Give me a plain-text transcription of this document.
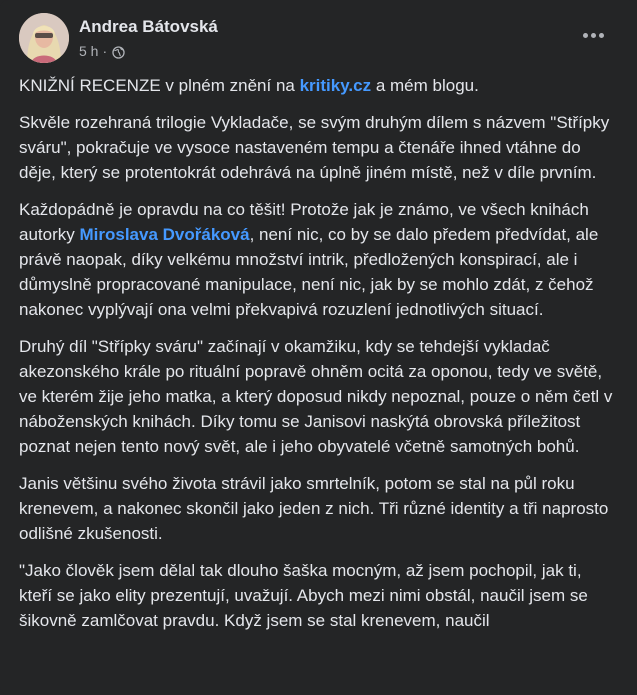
Andrea Bátovská
5 h ·

KNIŽNÍ RECENZE v plném znění na kritiky.cz a mém blogu.

Skvěle rozehraná trilogie Vykladače, se svým druhým dílem s názvem "Střípky sváru", pokračuje ve vysoce nastaveném tempu a čtenáře ihned vtáhne do děje, který se protentokrát odehrává na úplně jiném místě, než v díle prvním.

Každopádně je opravdu na co těšit! Protože jak je známo, ve všech knihách autorky Miroslava Dvořáková, není nic, co by se dalo předem předvídat, ale právě naopak, díky velkému množství intrik, předložených konspirací, ale i důmyslně propracované manipulace, není nic, jak by se mohlo zdát, z čehož nakonec vyplývají ona velmi překvapivá rozuzlení jednotlivých situací.

Druhý díl "Střípky sváru" začínají v okamžiku, kdy se tehdejší vykladač akezonského krále po rituální popravě ohněm ocitá za oponou, tedy ve světě, ve kterém žije jeho matka, a který doposud nikdy nepoznal, pouze o něm četl v náboženských knihách. Díky tomu se Janisovi naskýtá obrovská příležitost poznat nejen tento nový svět, ale i jeho obyvatelé včetně samotných bohů.

Janis většinu svého života strávil jako smrtelník, potom se stal na půl roku krenevem, a nakonec skončil jako jeden z nich. Tři různé identity a tři naprosto odlišné zkušenosti.

"Jako člověk jsem dělal tak dlouho šaška mocným, až jsem pochopil, jak ti, kteří se jako elity prezentují, uvažují. Abych mezi nimi obstál, naučil jsem se šikovně zamlčovat pravdu. Když jsem se stal krenevem, naučil
